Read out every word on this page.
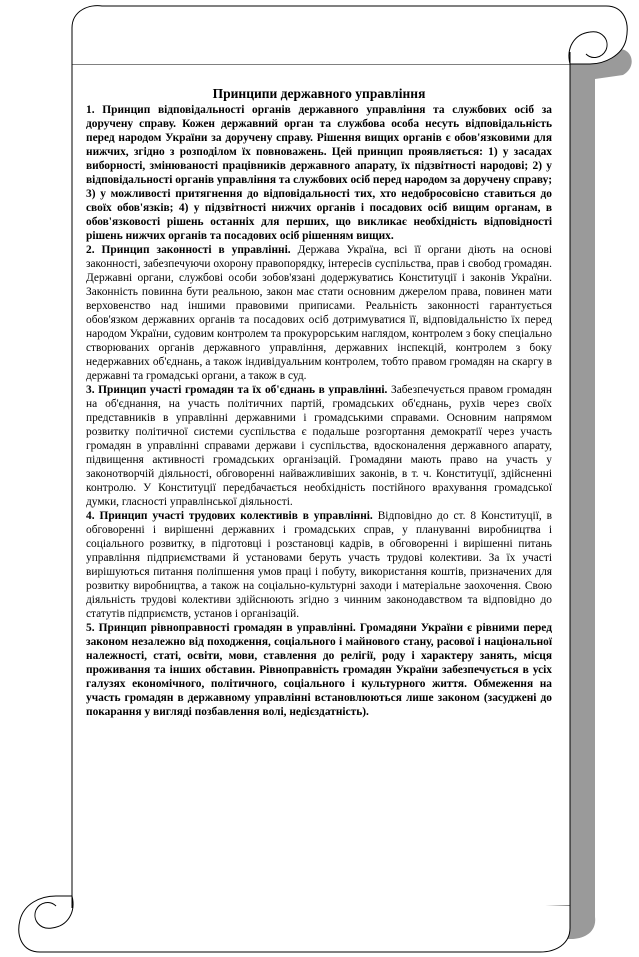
Принципи державного управління

1. Принцип відповідальності органів державного управління та службових осіб за доручену справу. Кожен державний орган та службова особа несуть відповідальність перед народом України за доручену справу. Рішення вищих органів є обов'язковими для нижчих, згідно з розподілом їх повноважень. Цей принцип проявляється: 1) у засадах виборності, змінюваності працівників державного апарату, їх підзвітності народові; 2) у відповідальності органів управління та службових осіб перед народом за доручену справу; 3) у можливості притягнення до відповідальності тих, хто недобросовісно ставиться до своїх обов'язків; 4) у підзвітності нижчих органів і посадових осіб вищим органам, в обов'язковості рішень останніх для перших, що викликає необхідність відповідності рішень нижчих органів та посадових осіб рішенням вищих.

2. Принцип законності в управлінні. Держава Україна, всі її органи діють на основі законності, забезпечуючи охорону правопорядку, інтересів суспільства, прав і свобод громадян. Державні органи, службові особи зобов'язані додержуватись Конституції і законів України. Законність повинна бути реальною, закон має стати основним джерелом права, повинен мати верховенство над іншими правовими приписами. Реальність законності гарантується обов'язком державних органів та посадових осіб дотримуватися її, відповідальністю їх перед народом України, судовим контролем та прокурорським наглядом, контролем з боку спеціально створюваних органів державного управління, державних інспекцій, контролем з боку недержавних об'єднань, а також індивідуальним контролем, тобто правом громадян на скаргу в державні та громадські органи, а також в суд.

3. Принцип участі громадян та їх об'єднань в управлінні. Забезпечується правом громадян на об'єднання, на участь політичних партій, громадських об'єднань, рухів через своїх представників в управлінні державними і громадськими справами. Основним напрямом розвитку політичної системи суспільства є подальше розгортання демократії через участь громадян в управлінні справами держави і суспільства, вдосконалення державного апарату, підвищення активності громадських організацій. Громадяни мають право на участь у законотворчій діяльності, обговоренні найважливіших законів, в т. ч. Конституції, здійсненні контролю. У Конституції передбачається необхідність постійного врахування громадської думки, гласності управлінської діяльності.

4. Принцип участі трудових колективів в управлінні. Відповідно до ст. 8 Конституції, в обговоренні і вирішенні державних і громадських справ, у плануванні виробництва і соціального розвитку, в підготовці і розстановці кадрів, в обговоренні і вирішенні питань управління підприємствами й установами беруть участь трудові колективи. За їх участі вирішуються питання поліпшення умов праці і побуту, використання коштів, призначених для розвитку виробництва, а також на соціально-культурні заходи і матеріальне заохочення. Свою діяльність трудові колективи здійснюють згідно з чинним законодавством та відповідно до статутів підприємств, установ і організацій.

5. Принцип рівноправності громадян в управлінні. Громадяни України є рівними перед законом незалежно від походження, соціального і майнового стану, расової і національної належності, статі, освіти, мови, ставлення до релігії, роду і характеру занять, місця проживання та інших обставин. Рівноправність громадян України забезпечується в усіх галузях економічного, політичного, соціального і культурного життя. Обмеження на участь громадян в державному управлінні встановлюються лише законом (засуджені до покарання у вигляді позбавлення волі, недієздатність).
